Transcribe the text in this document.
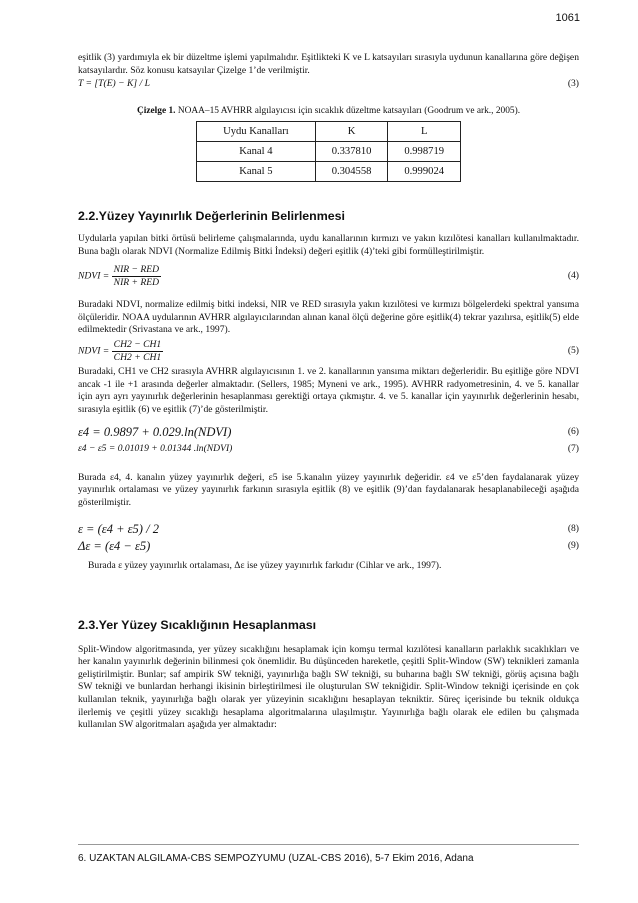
1061

eşitlik (3) yardımıyla ek bir düzeltme işlemi yapılmalıdır. Eşitlikteki K ve L katsayıları sırasıyla uydunun kanallarına göre değişen katsayılardır. Söz konusu katsayılar Çizelge 1’de verilmiştir.

T = [T(E) − K] / L	(3)

Çizelge 1. NOAA–15 AVHRR algılayıcısı için sıcaklık düzeltme katsayıları (Goodrum ve ark., 2005).

Uydu Kanalları	K	L
Kanal 4	0.337810	0.998719
Kanal 5	0.304558	0.999024
2.2.Yüzey Yayınırlık Değerlerinin Belirlenmesi

Uydularla yapılan bitki örtüsü belirleme çalışmalarında, uydu kanallarının kırmızı ve yakın kızılötesi kanalları kullanılmaktadır. Buna bağlı olarak NDVI (Normalize Edilmiş Bitki İndeksi) değeri eşitlik (4)’teki gibi formülleştirilmiştir.

NDVI = $\frac{\text{NIR − RED}}{\text{NIR + RED}}$	(4)

Buradaki NDVI, normalize edilmiş bitki indeksi, NIR ve RED sırasıyla yakın kızılötesi ve kırmızı bölgelerdeki spektral yansıma ölçüleridir. NOAA uydularının AVHRR algılayıcılarından alınan kanal ölçü değerine göre eşitlik(4) tekrar yazılırsa, eşitlik(5) elde edilmektedir (Srivastana ve ark., 1997).

NDVI = $\frac{CH2 - CH1}{CH2 + CH1}$	(5)

Buradaki, CH1 ve CH2 sırasıyla AVHRR algılayıcısının 1. ve 2. kanallarının yansıma miktarı değerleridir. Bu eşitliğe göre NDVI ancak -1 ile +1 arasında değerler almaktadır. (Sellers, 1985; Myneni ve ark., 1995). AVHRR radyometresinin, 4. ve 5. kanallar için ayrı ayrı yayınırlık değerlerinin hesaplanması gerektiği ortaya çıkmıştır. 4. ve 5. kanallar için yayınırlık değerlerinin hesabı, sırasıyla eşitlik (6) ve eşitlik (7)’de gösterilmiştir.

ε4 = 0.9897 + 0.029.ln(NDVI)	(6)
ε4 − ε5 = 0.01019 + 0.01344 .ln(NDVI)	(7)

Burada ε4, 4. kanalın yüzey yayınırlık değeri, ε5 ise 5.kanalın yüzey yayınırlık değeridir. ε4 ve ε5’den faydalanarak yüzey yayınırlık ortalaması ve yüzey yayınırlık farkının sırasıyla eşitlik (8) ve eşitlik (9)’dan faydalanarak hesaplanabileceği aşağıda gösterilmiştir.

ε = (ε4 + ε5) / 2	(8)
Δε = (ε4 − ε5)	(9)

Burada ε yüzey yayınırlık ortalaması, Δε ise yüzey yayınırlık farkıdır (Cihlar ve ark., 1997).

2.3.Yer Yüzey Sıcaklığının Hesaplanması

Split-Window algoritmasında, yer yüzey sıcaklığını hesaplamak için komşu termal kızılötesi kanalların parlaklık sıcaklıkları ve her kanalın yayınırlık değerinin bilinmesi çok önemlidir. Bu düşünceden hareketle, çeşitli Split-Window (SW) teknikleri zamanla geliştirilmiştir. Bunlar; saf ampirik SW tekniği, yayınırlığa bağlı SW tekniği, su buharına bağlı SW tekniği, görüş açısına bağlı SW tekniği ve bunlardan herhangi ikisinin birleştirilmesi ile oluşturulan SW tekniğidir. Split-Window tekniği içerisinde en çok kullanılan teknik, yayınırlığa bağlı olarak yer yüzeyinin sıcaklığını hesaplayan tekniktir. Süreç içerisinde bu teknik oldukça ilerlemiş ve çeşitli yüzey sıcaklığı hesaplama algoritmalarına ulaşılmıştır. Yayınırlığa bağlı olarak ele edilen bu çalışmada kullanılan SW algoritmaları aşağıda yer almaktadır:

6. UZAKTAN ALGILAMA-CBS SEMPOZYUMU (UZAL-CBS 2016), 5-7 Ekim 2016, Adana
